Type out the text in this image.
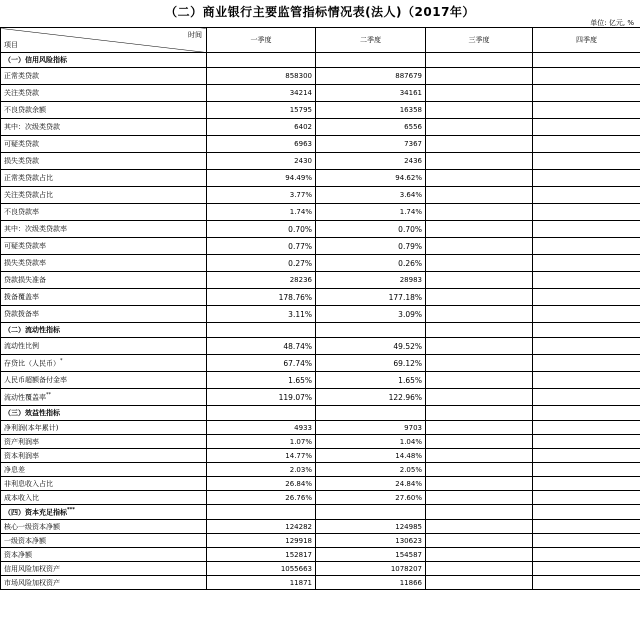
（二）商业银行主要监管指标情况表(法人)（2017年）
单位: 亿元, %
时间
项目	一季度	二季度	三季度	四季度
（一）信用风险指标				
正常类贷款	858300	887679		
关注类贷款	34214	34161		
不良贷款余额	15795	16358		
其中：次级类贷款	6402	6556		
可疑类贷款	6963	7367		
损失类贷款	2430	2436		
正常类贷款占比	94.49%	94.62%		
关注类贷款占比	3.77%	3.64%		
不良贷款率	1.74%	1.74%		
其中：次级类贷款率	0.70%	0.70%		
可疑类贷款率	0.77%	0.79%		
损失类贷款率	0.27%	0.26%		
贷款损失准备	28236	28983		
拨备覆盖率	178.76%	177.18%		
贷款拨备率	3.11%	3.09%		
（二）流动性指标				
流动性比例	48.74%	49.52%		
存贷比（人民币）*	67.74%	69.12%		
人民币超额备付金率	1.65%	1.65%		
流动性覆盖率**	119.07%	122.96%		
（三）效益性指标				
净利润(本年累计)	4933	9703		
资产利润率	1.07%	1.04%		
资本利润率	14.77%	14.48%		
净息差	2.03%	2.05%		
非利息收入占比	26.84%	24.84%		
成本收入比	26.76%	27.60%		
（四）资本充足指标***				
核心一级资本净额	124282	124985		
一级资本净额	129918	130623		
资本净额	152817	154587		
信用风险加权资产	1055663	1078207		
市场风险加权资产	11871	11866		
